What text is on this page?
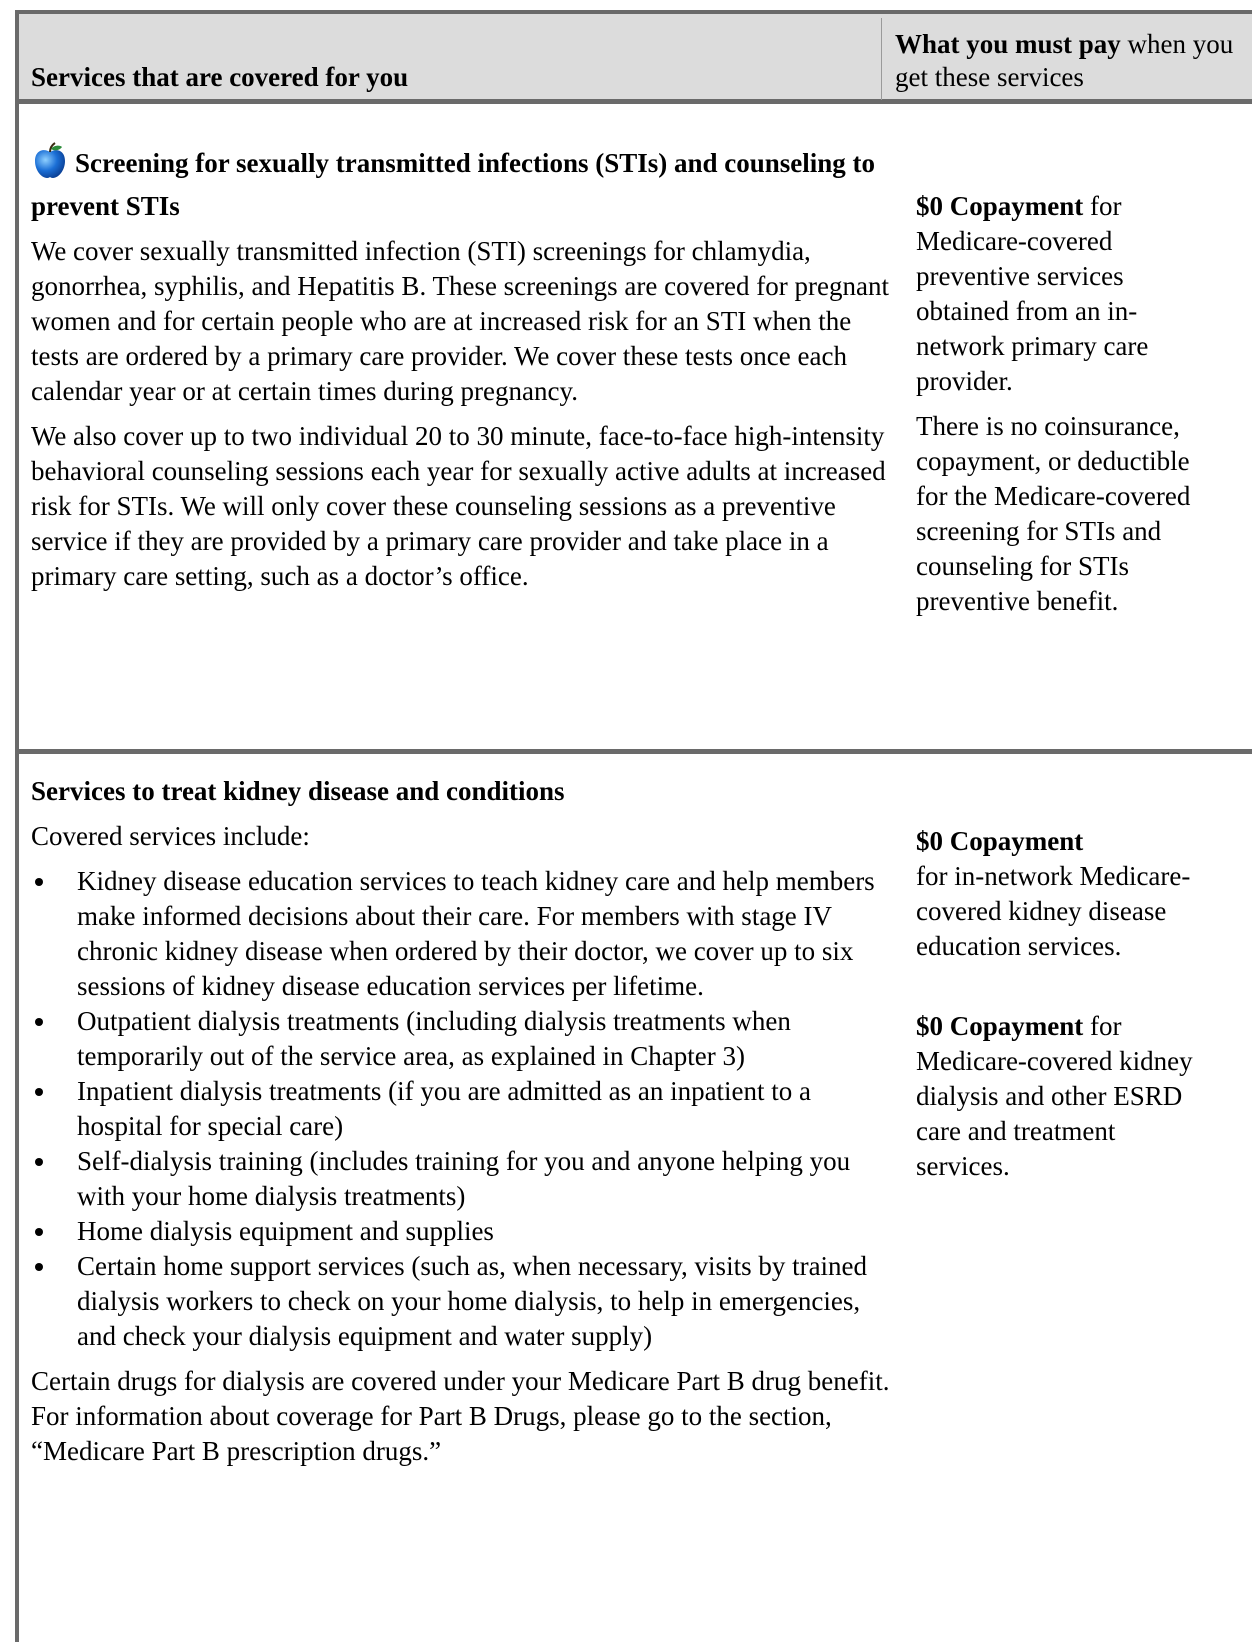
Services that are covered for you
What you must pay when you get these services

Screening for sexually transmitted infections (STIs) and counseling to prevent STIs

We cover sexually transmitted infection (STI) screenings for chlamydia, gonorrhea, syphilis, and Hepatitis B. These screenings are covered for pregnant women and for certain people who are at increased risk for an STI when the tests are ordered by a primary care provider. We cover these tests once each calendar year or at certain times during pregnancy.

We also cover up to two individual 20 to 30 minute, face-to-face high-intensity behavioral counseling sessions each year for sexually active adults at increased risk for STIs. We will only cover these counseling sessions as a preventive service if they are provided by a primary care provider and take place in a primary care setting, such as a doctor’s office.

$0 Copayment for Medicare-covered preventive services obtained from an in-network primary care provider.

There is no coinsurance, copayment, or deductible for the Medicare-covered screening for STIs and counseling for STIs preventive benefit.

Services to treat kidney disease and conditions

Covered services include:

Kidney disease education services to teach kidney care and help members make informed decisions about their care. For members with stage IV chronic kidney disease when ordered by their doctor, we cover up to six sessions of kidney disease education services per lifetime.
Outpatient dialysis treatments (including dialysis treatments when temporarily out of the service area, as explained in Chapter 3)
Inpatient dialysis treatments (if you are admitted as an inpatient to a hospital for special care)
Self-dialysis training (includes training for you and anyone helping you with your home dialysis treatments)
Home dialysis equipment and supplies
Certain home support services (such as, when necessary, visits by trained dialysis workers to check on your home dialysis, to help in emergencies, and check your dialysis equipment and water supply)

Certain drugs for dialysis are covered under your Medicare Part B drug benefit. For information about coverage for Part B Drugs, please go to the section, “Medicare Part B prescription drugs.”

$0 Copayment
for in-network Medicare-covered kidney disease education services.

$0 Copayment for Medicare-covered kidney dialysis and other ESRD care and treatment services.
